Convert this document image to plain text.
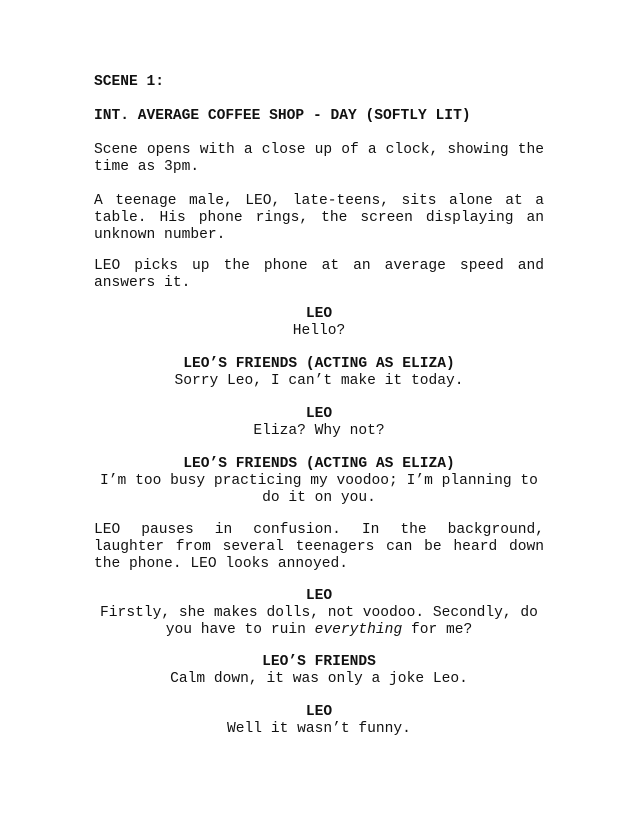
SCENE 1:

INT. AVERAGE COFFEE SHOP - DAY (SOFTLY LIT)

Scene opens with a close up of a clock, showing the time as 3pm.

A teenage male, LEO, late-teens, sits alone at a table. His phone rings, the screen displaying an unknown number.

LEO picks up the phone at an average speed and answers it.

LEO

Hello?

LEO’S FRIENDS (ACTING AS ELIZA)

Sorry Leo, I can’t make it today.

LEO

Eliza? Why not?

LEO’S FRIENDS (ACTING AS ELIZA)

I’m too busy practicing my voodoo; I’m planning to do it on you.

LEO pauses in confusion. In the background, laughter from several teenagers can be heard down the phone. LEO looks annoyed.

LEO

Firstly, she makes dolls, not voodoo. Secondly, do you have to ruin everything for me?

LEO’S FRIENDS

Calm down, it was only a joke Leo.

LEO

Well it wasn’t funny.
